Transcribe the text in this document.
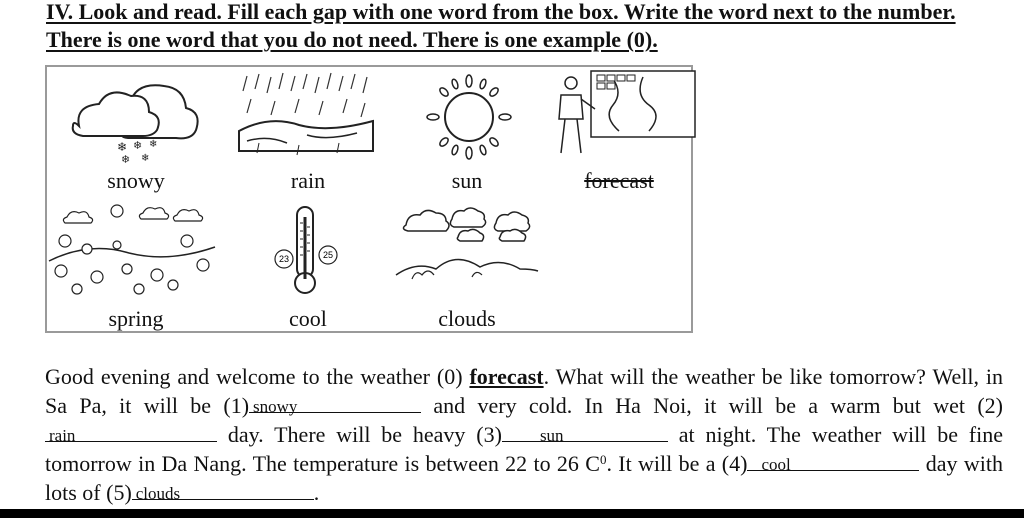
IV. Look and read. Fill each gap with one word from the box. Write the word next to the number. There is one word that you do not need. There is one example (0).
❄ ❄ ❄
❄ ❄
snowy	rain	sun	forecast
spring
23	25
cool	clouds
Good evening and welcome to the weather (0) forecast. What will the weather be like tomorrow? Well, in Sa Pa, it will be (1) snowy	and very cold. In Ha Noi, it will be a warm but wet (2)
rain	day. There will be heavy (3) sun	at night. The weather will be fine tomorrow in Da Nang. The temperature is between 22 to 26 $C^0$. It will be a (4) cool	day with lots of (5) clouds	.
